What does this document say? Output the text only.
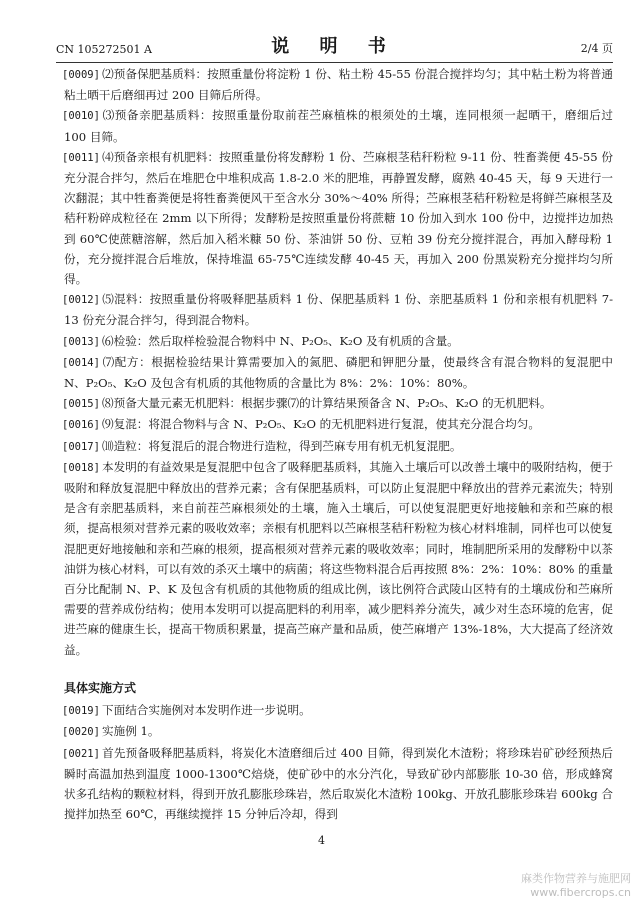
CN 105272501 A	说 明 书	2/4 页
[0009] ⑵预备保肥基质料：按照重量份将淀粉 1 份、粘土粉 45-55 份混合搅拌均匀；其中粘土粉为将普通粘土晒干后磨细再过 200 目筛后所得。
[0010] ⑶预备亲肥基质料：按照重量份取前茬苎麻植株的根须处的土壤，连同根须一起晒干，磨细后过 100 目筛。
[0011] ⑷预备亲根有机肥料：按照重量份将发酵粉 1 份、苎麻根茎秸秆粉粒 9-11 份、牲畜粪便 45-55 份充分混合拌匀，然后在堆肥仓中堆积成高 1.8-2.0 米的肥堆，再静置发酵，腐熟 40-45 天，每 9 天进行一次翻混；其中牲畜粪便是将牲畜粪便风干至含水分 30%～40% 所得；苎麻根茎秸秆粉粒是将鲜苎麻根茎及秸秆粉碎成粒径在 2mm 以下所得；发酵粉是按照重量份将蔗糖 10 份加入到水 100 份中，边搅拌边加热到 60℃使蔗糖溶解，然后加入稻米糠 50 份、茶油饼 50 份、豆粕 39 份充分搅拌混合，再加入酵母粉 1 份，充分搅拌混合后堆放，保持堆温 65-75℃连续发酵 40-45 天，再加入 200 份黑炭粉充分搅拌均匀所得。
[0012] ⑸混料：按照重量份将吸释肥基质料 1 份、保肥基质料 1 份、亲肥基质料 1 份和亲根有机肥料 7-13 份充分混合拌匀，得到混合物料。
[0013] ⑹检验：然后取样检验混合物料中 N、P₂O₅、K₂O 及有机质的含量。
[0014] ⑺配方：根据检验结果计算需要加入的氮肥、磷肥和钾肥分量，使最终含有混合物料的复混肥中 N、P₂O₅、K₂O 及包含有机质的其他物质的含量比为 8%：2%：10%：80%。
[0015] ⑻预备大量元素无机肥料：根据步骤⑺的计算结果预备含 N、P₂O₅、K₂O 的无机肥料。
[0016] ⑼复混：将混合物料与含 N、P₂O₅、K₂O 的无机肥料进行复混，使其充分混合均匀。
[0017] ⑽造粒：将复混后的混合物进行造粒，得到苎麻专用有机无机复混肥。
[0018] 本发明的有益效果是复混肥中包含了吸释肥基质料，其施入土壤后可以改善土壤中的吸附结构，便于吸附和释放复混肥中释放出的营养元素；含有保肥基质料，可以防止复混肥中释放出的营养元素流失；特别是含有亲肥基质料，来自前茬苎麻根须处的土壤，施入土壤后，可以使复混肥更好地接触和亲和苎麻的根须，提高根须对营养元素的吸收效率；亲根有机肥料以苎麻根茎秸秆粉粒为核心材料堆制，同样也可以使复混肥更好地接触和亲和苎麻的根须，提高根须对营养元素的吸收效率；同时，堆制肥所采用的发酵粉中以茶油饼为核心材料，可以有效的杀灭土壤中的病菌；将这些物料混合后再按照 8%：2%：10%：80% 的重量百分比配制 N、P、K 及包含有机质的其他物质的组成比例，该比例符合武陵山区特有的土壤成份和苎麻所需要的营养成份结构；使用本发明可以提高肥料的利用率，减少肥料养分流失，减少对生态环境的危害，促进苎麻的健康生长，提高干物质积累量，提高苎麻产量和品质，使苎麻增产 13%-18%，大大提高了经济效益。
具体实施方式
[0019] 下面结合实施例对本发明作进一步说明。
[0020] 实施例 1。
[0021] 首先预备吸释肥基质料，将炭化木渣磨细后过 400 目筛，得到炭化木渣粉；将珍珠岩矿砂经预热后瞬时高温加热到温度 1000-1300℃焙烧，使矿砂中的水分汽化，导致矿砂内部膨胀 10-30 倍，形成蜂窝状多孔结构的颗粒材料，得到开放孔膨胀珍珠岩，然后取炭化木渣粉 100kg、开放孔膨胀珍珠岩 600kg 合搅拌加热至 60℃，再继续搅拌 15 分钟后冷却，得到
4
麻类作物营养与施肥网
www.fibercrops.cn
